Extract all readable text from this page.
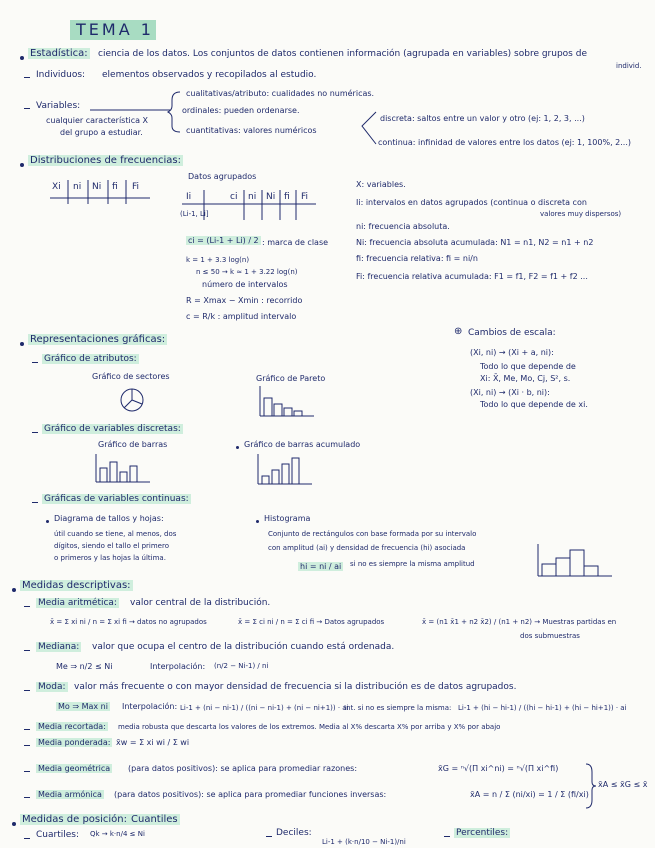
TEMA 1
Estadística: ciencia de los datos. Los conjuntos de datos contienen información (agrupada en variables) sobre grupos de
individ.
Individuos: elementos observados y recopilados al estudio.
Variables:
cualquier característica X
del grupo a estudiar.
cualitativas/atributo: cualidades no numéricas.
ordinales: pueden ordenarse.
cuantitativas: valores numéricos
discreta: saltos entre un valor y otro (ej: 1, 2, 3, ...)
continua: infinidad de valores entre los datos (ej: 1, 100%, 2...)
Distribuciones de frecuencias:
Xi ni Ni fi Fi
Datos agrupados
Ii	ci ni Ni fi Fi
(Li-1, Li]
ci = (Li-1 + Li) / 2 : marca de clase
k = 1 + 3.3 log(n)
n ≤ 50 → k ≈ 1 + 3.22 log(n)
número de intervalos
R = Xmax − Xmin : recorrido
c = R/k : amplitud intervalo
X: variables.
Ii: intervalos en datos agrupados (continua o discreta con
valores muy dispersos)
ni: frecuencia absoluta.
Ni: frecuencia absoluta acumulada: N1 = n1, N2 = n1 + n2
fi: frecuencia relativa: fi = ni/n
Fi: frecuencia relativa acumulada: F1 = f1, F2 = f1 + f2 ...
Representaciones gráficas:
Gráfico de atributos:
Gráfico de sectores	Gráfico de Pareto
Gráfico de variables discretas:
Gráfico de barras	Gráfico de barras acumulado
Gráficas de variables continuas:
Diagrama de tallos y hojas:
útil cuando se tiene, al menos, dos
dígitos, siendo el tallo el primero
o primeros y las hojas la última.
Histograma
Conjunto de rectángulos con base formada por su intervalo
con amplitud (ai) y densidad de frecuencia (hi) asociada
hi = ni / ai si no es siempre la misma amplitud
⊕ Cambios de escala:
(Xi, ni) → (Xi + a, ni):
Todo lo que depende de
Xi: X̄, Me, Mo, Cj, S², s.
(Xi, ni) → (Xi · b, ni):
Todo lo que depende de xi.
Medidas descriptivas:
Media aritmética: valor central de la distribución.
x̄ = Σ xi ni / n = Σ xi fi → datos no agrupados	x̄ = Σ ci ni / n = Σ ci fi → Datos agrupados	x̄ = (n1 x̄1 + n2 x̄2) / (n1 + n2) → Muestras partidas en
dos submuestras
Mediana: valor que ocupa el centro de la distribución cuando está ordenada.
Me ⇒ n/2 ≤ Ni	Interpolación: (n/2 − Ni-1) / ni
Moda: valor más frecuente o con mayor densidad de frecuencia si la distribución es de datos agrupados.
Mo ⇒ Max ni Interpolación: Li-1 + (ni − ni-1) / ((ni − ni-1) + (ni − ni+1)) · ai
Int. si no es siempre la misma: Li-1 + (hi − hi-1) / ((hi − hi-1) + (hi − hi+1)) · ai
Media recortada: media robusta que descarta los valores de los extremos. Media al X% descarta X% por arriba y X% por abajo
Media ponderada: x̄w = Σ xi wi / Σ wi
Media geométrica (para datos positivos): se aplica para promediar razones:	x̄G = ⁿ√(Π xi^ni) = ⁿ√(Π xi^fi)
Media armónica (para datos positivos): se aplica para promediar funciones inversas:	x̄A = n / Σ (ni/xi) = 1 / Σ (fi/xi)
x̄A ≤ x̄G ≤ x̄
Medidas de posición: Cuantiles
Cuartiles: Qk → k·n/4 ≤ Ni	Deciles:
Li-1 + (k·n/10 − Ni-1)/ni
Percentiles:
